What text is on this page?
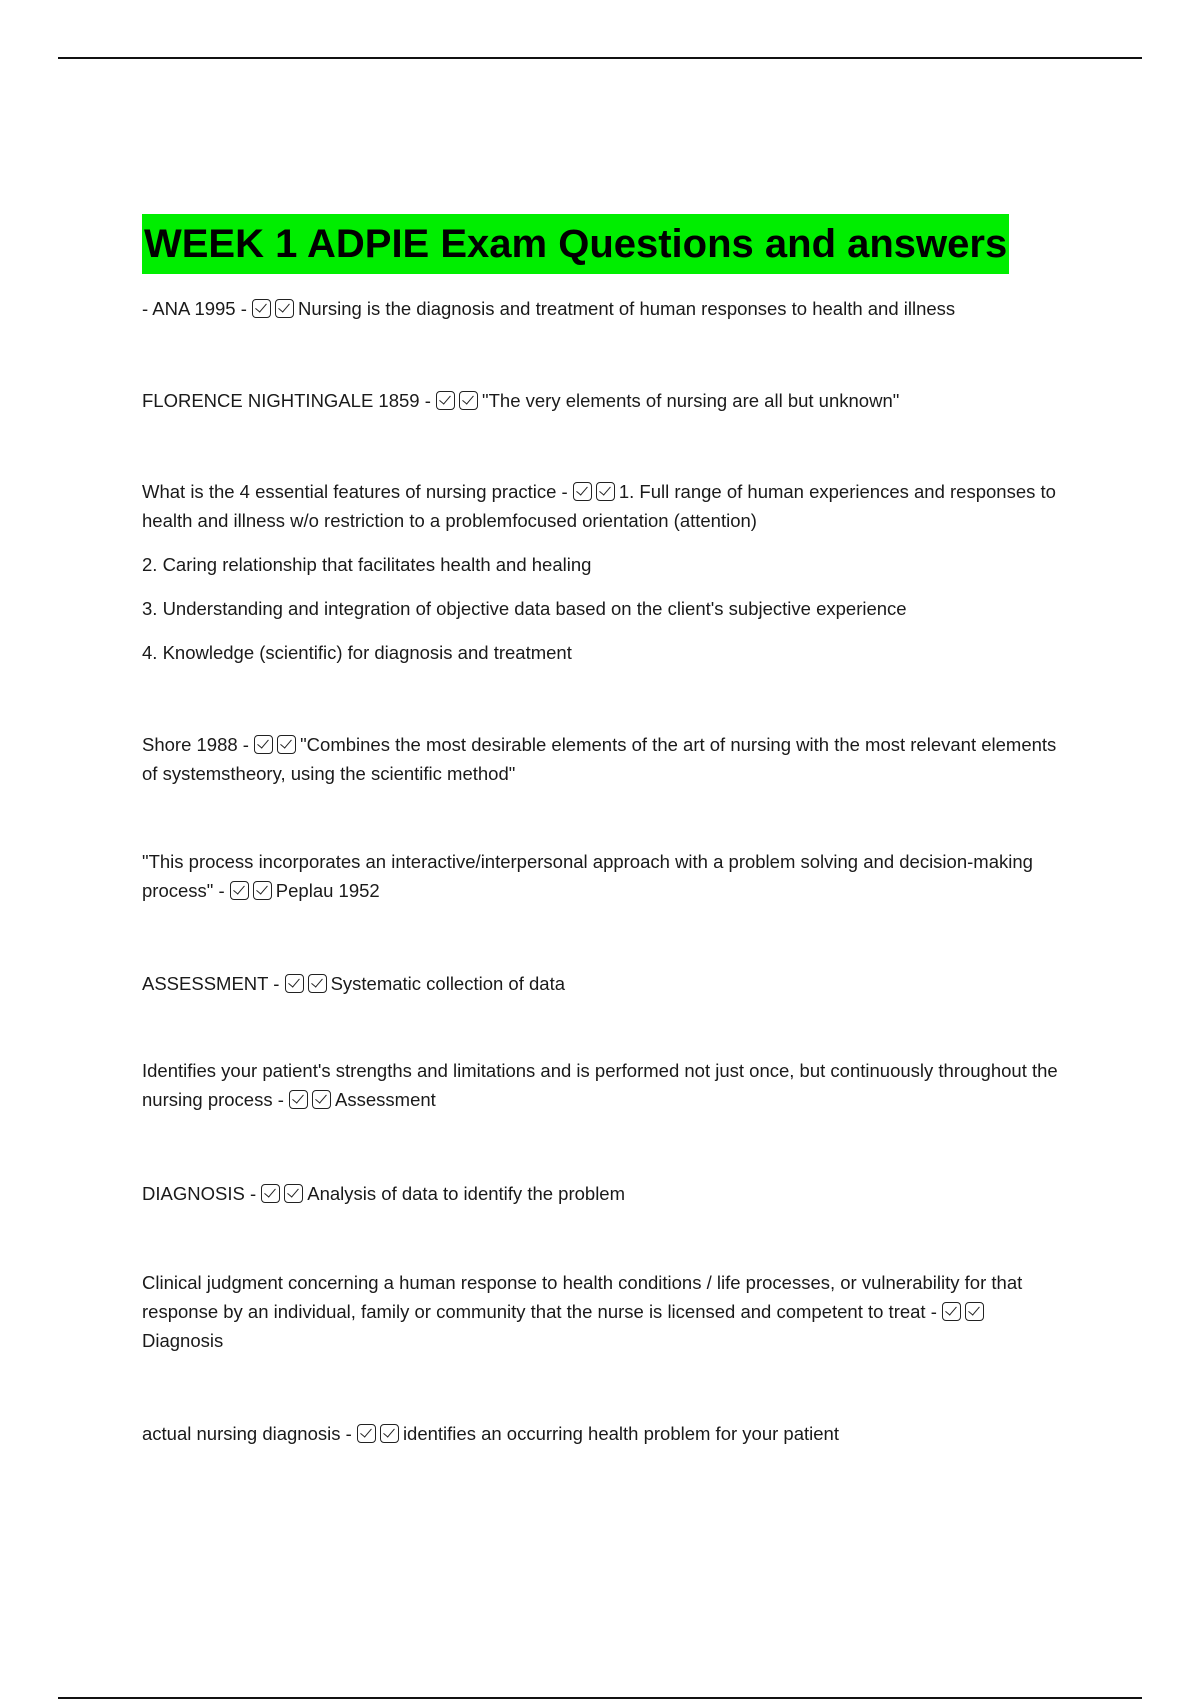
WEEK 1 ADPIE Exam Questions and answers
- ANA 1995 -	Nursing is the diagnosis and treatment of human responses to health and illness
FLORENCE NIGHTINGALE 1859 -	"The very elements of nursing are all but unknown"
What is the 4 essential features of nursing practice -	1. Full range of human experiences and responses to health and illness w/o restriction to a problemfocused orientation (attention)
2. Caring relationship that facilitates health and healing
3. Understanding and integration of objective data based on the client's subjective experience
4. Knowledge (scientific) for diagnosis and treatment
Shore 1988 -	"Combines the most desirable elements of the art of nursing with the most relevant elements of systemstheory, using the scientific method"
"This process incorporates an interactive/interpersonal approach with a problem solving and decision-making process" -	Peplau 1952
ASSESSMENT -	Systematic collection of data
Identifies your patient's strengths and limitations and is performed not just once, but continuously throughout the nursing process -	Assessment
DIAGNOSIS -	Analysis of data to identify the problem
Clinical judgment concerning a human response to health conditions / life processes, or vulnerability for that response by an individual, family or community that the nurse is licensed and competent to treat - Diagnosis
actual nursing diagnosis -	identifies an occurring health problem for your patient
